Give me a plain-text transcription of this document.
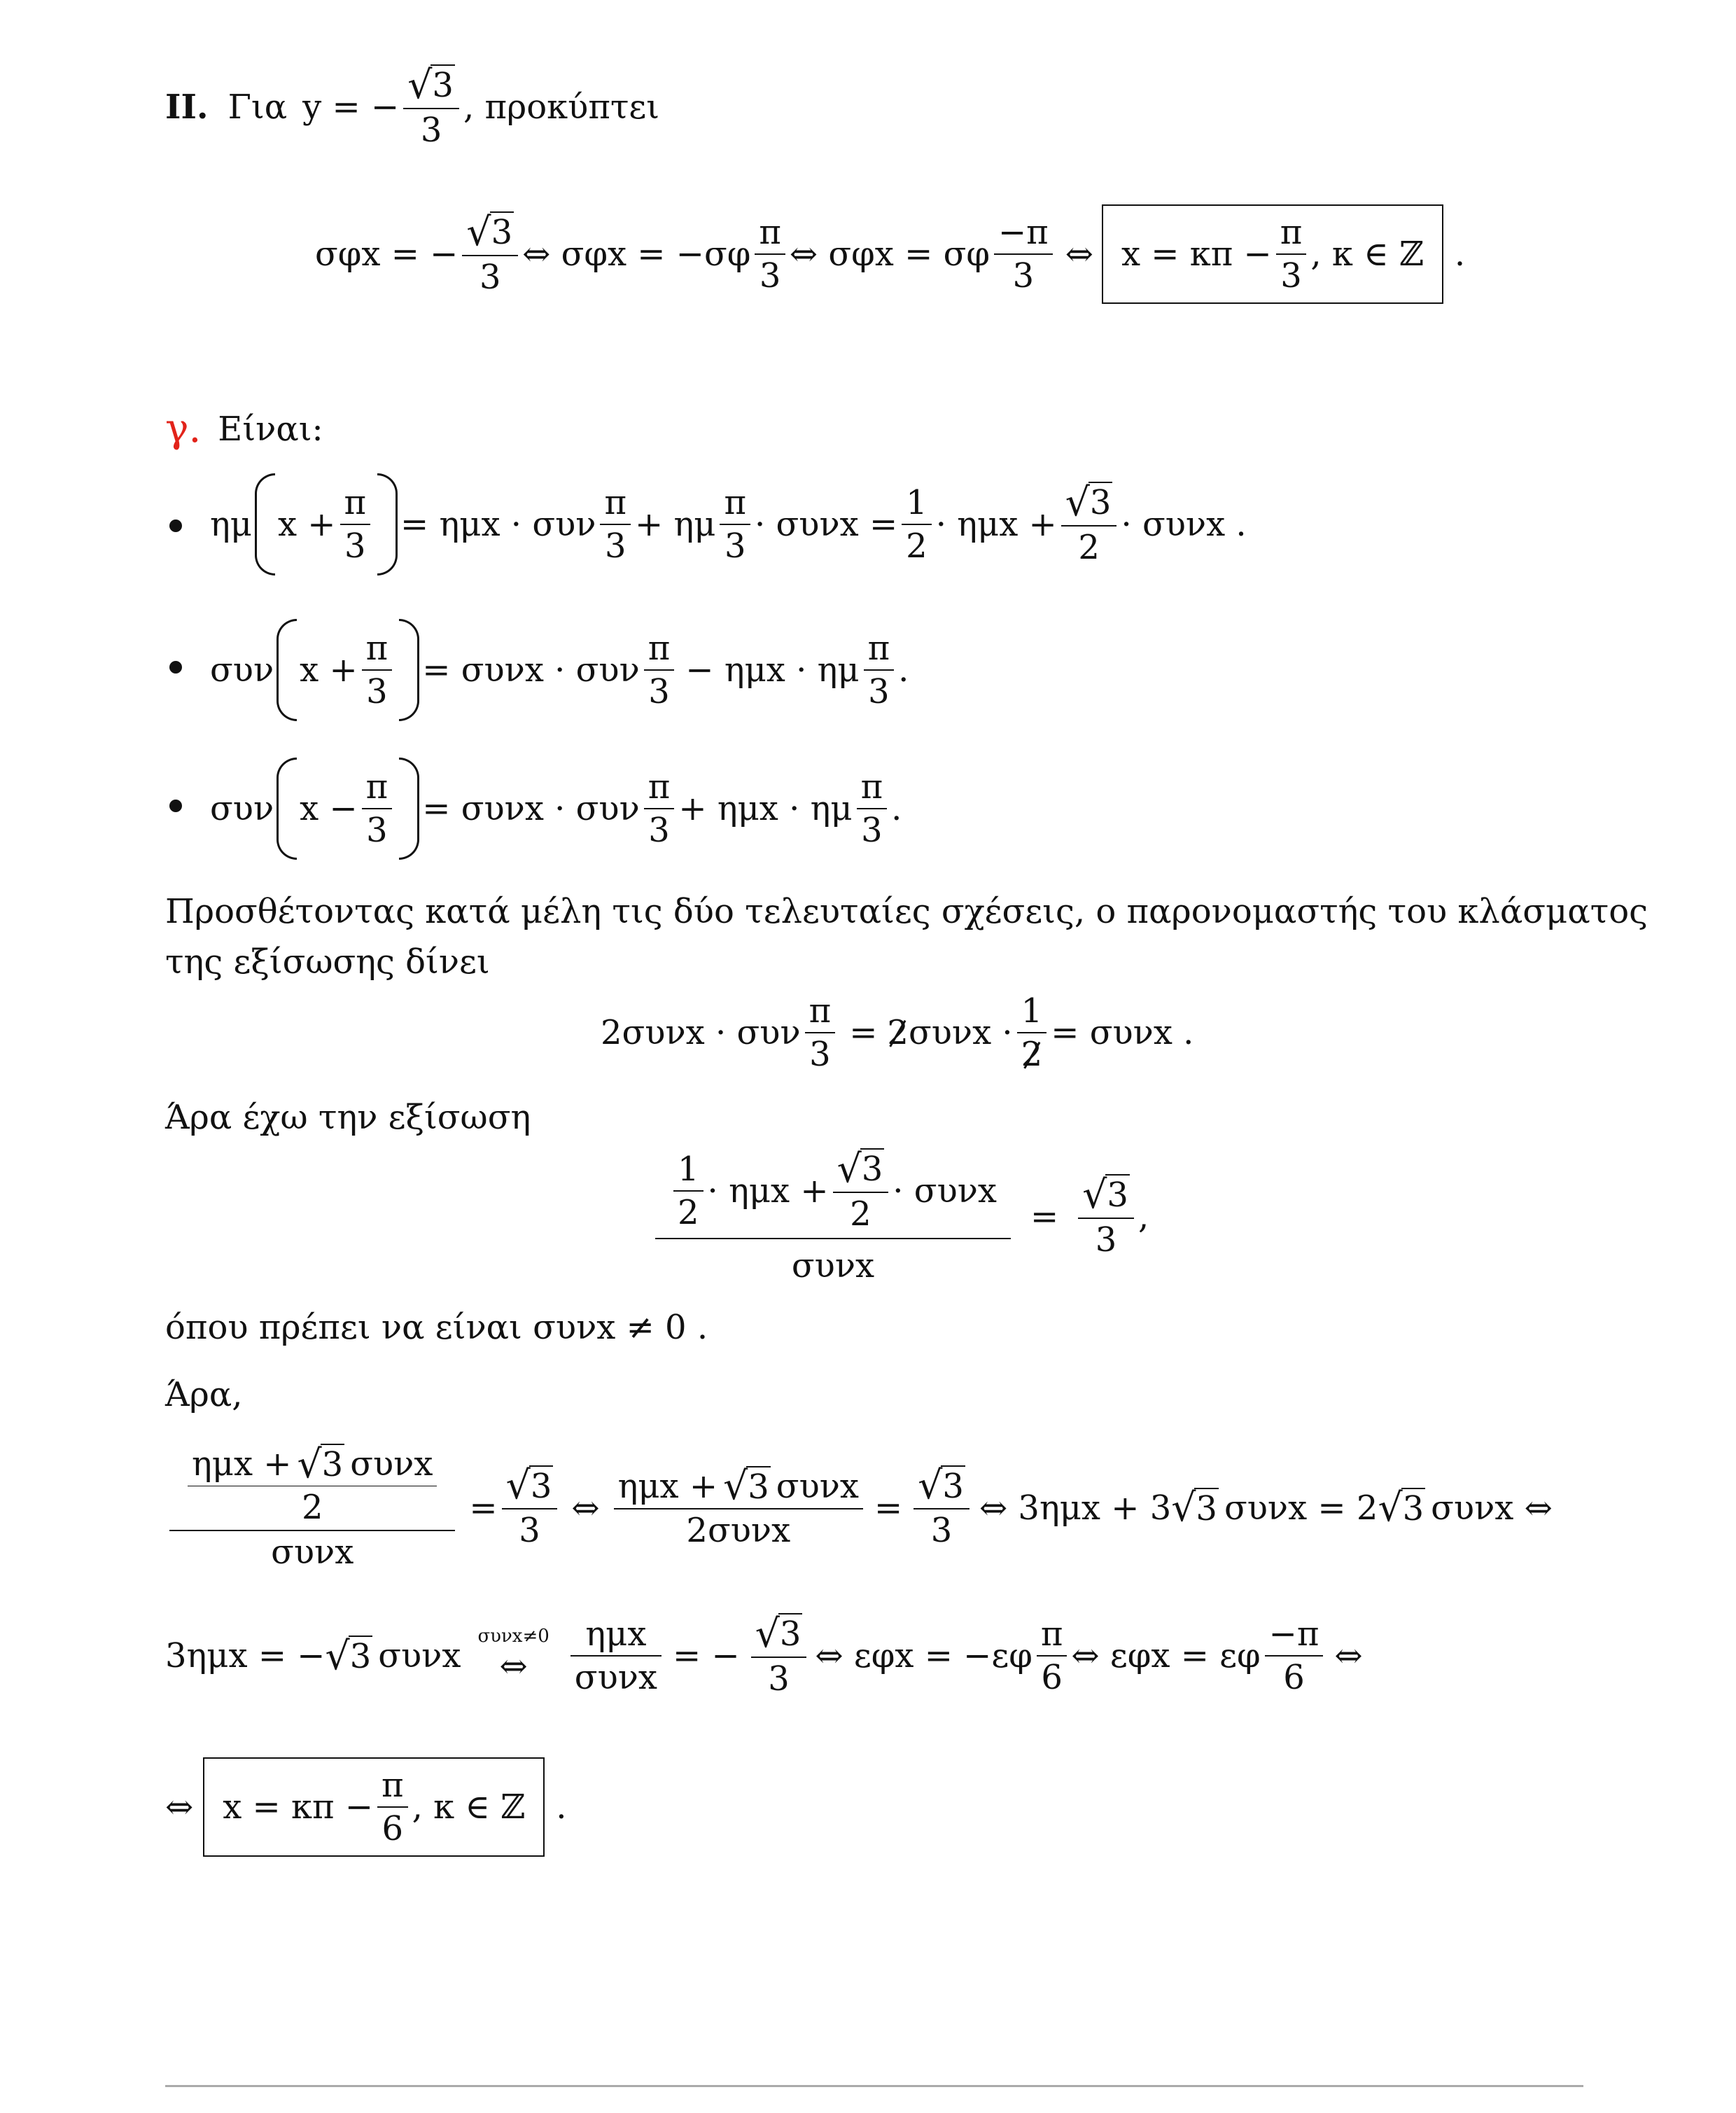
ΙΙ. Για y = − $\frac{√ 3}{3}$ , προκύπτει
σφx = − $\frac{√ 3}{3}$ ⇔ $\sigma\varphi x = -\sigma\varphi \frac{\pi}{3}$ ⇔ σφx = σφ $\frac{-\pi}{3}$ ⇔ $x = \kappa\pi - \frac{\pi}{3}$ , κ ∈ ℤ .
γ. Είναι:
ημ $x + \frac{\pi}{3} = \eta\mu x \cdot \sigma\upsilon\nu \frac{\pi}{3} + \eta\mu \frac{\pi}{3} \cdot \sigma\upsilon\nu x = \frac{1}{2} \cdot \eta\mu x + \frac{√ 3}{2} \cdot \sigma\upsilon\nu x$ .
συν $x + \frac{\pi}{3} = \sigma\upsilon\nu x \cdot \sigma\upsilon\nu \frac{\pi}{3} - \eta\mu x \cdot \eta\mu \frac{\pi}{3}$ .
συν $x - \frac{\pi}{3} = \sigma\upsilon\nu x \cdot \sigma\upsilon\nu \frac{\pi}{3} + \eta\mu x \cdot \eta\mu \frac{\pi}{3}$ .
Προσθέτοντας κατά μέλη τις δύο τελευταίες σχέσεις, ο παρονομαστής του κλάσματος
της εξίσωσης δίνει
2συνx · συν $\frac{\pi}{3} = 2$ $\sigma\upsilon\nu x \cdot \frac{1}{2} = \sigma\upsilon\nu x$ .
Άρα έχω την εξίσωση
$\frac{1}{2} \cdot \eta\mu x + \frac{√ 3}{2} \cdot \sigma\upsilon\nu x$
συνx
= $\frac{√ 3}{3}$ ,
όπου πρέπει να είναι συνx ≠ 0 .
Άρα,
$\frac{\frac{\text{ημx + √ 3 συνx}}{2}}{\text{συνx}} = \frac{√ 3}{3}$ ⇔ $\frac{\text{ημx + √ 3 συνx}}{\text{2συνx}} = \frac{√ 3}{3}$ ⇔ 3ημx + 3 √ 3 συνx = 2 √ 3 συνx ⇔
3ημx = − √ 3 συνx συνx≠0
⇔ $\frac{\text{ημx}}{\text{συνx}}$ = − $\frac{√ 3}{3}$ ⇔ $\varepsilon\varphi x = -\varepsilon\varphi \frac{\pi}{6}$ ⇔ εφx = εφ $\frac{-\pi}{6}$ ⇔
⇔ $x = \kappa\pi - \frac{\pi}{6}$ , κ ∈ ℤ .
